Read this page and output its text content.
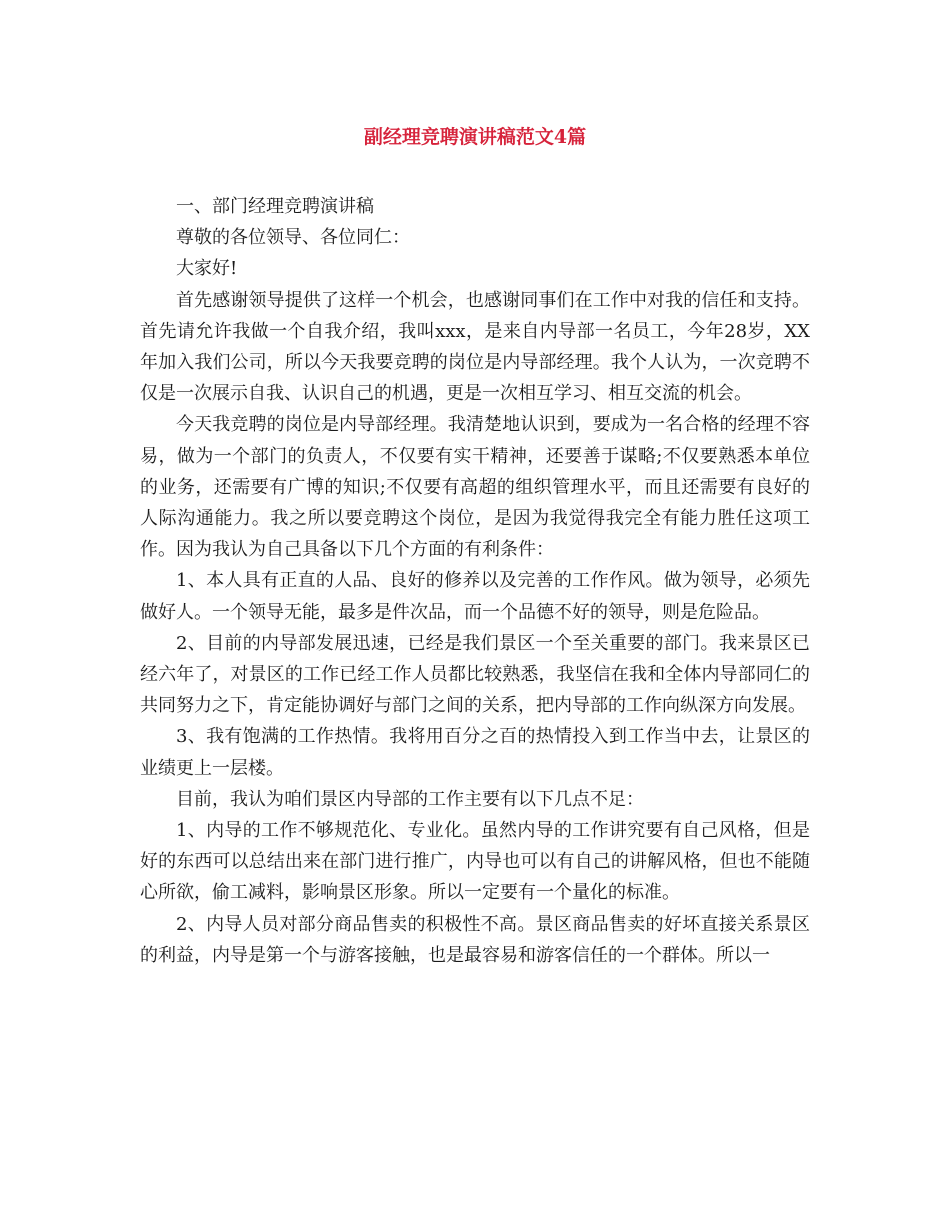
副经理竞聘演讲稿范文4篇

一、部门经理竞聘演讲稿

尊敬的各位领导、各位同仁：

大家好!

首先感谢领导提供了这样一个机会，也感谢同事们在工作中对我的信任和支持。首先请允许我做一个自我介绍，我叫xxx，是来自内导部一名员工，今年28岁，XX年加入我们公司，所以今天我要竞聘的岗位是内导部经理。我个人认为，一次竞聘不仅是一次展示自我、认识自己的机遇，更是一次相互学习、相互交流的机会。

今天我竞聘的岗位是内导部经理。我清楚地认识到，要成为一名合格的经理不容易，做为一个部门的负责人，不仅要有实干精神，还要善于谋略;不仅要熟悉本单位的业务，还需要有广博的知识;不仅要有高超的组织管理水平，而且还需要有良好的人际沟通能力。我之所以要竞聘这个岗位，是因为我觉得我完全有能力胜任这项工作。因为我认为自己具备以下几个方面的有利条件：

1、本人具有正直的人品、良好的修养以及完善的工作作风。做为领导，必须先做好人。一个领导无能，最多是件次品，而一个品德不好的领导，则是危险品。

2、目前的内导部发展迅速，已经是我们景区一个至关重要的部门。我来景区已经六年了，对景区的工作已经工作人员都比较熟悉，我坚信在我和全体内导部同仁的共同努力之下，肯定能协调好与部门之间的关系，把内导部的工作向纵深方向发展。

3、我有饱满的工作热情。我将用百分之百的热情投入到工作当中去，让景区的业绩更上一层楼。

目前，我认为咱们景区内导部的工作主要有以下几点不足：

1、内导的工作不够规范化、专业化。虽然内导的工作讲究要有自己风格，但是好的东西可以总结出来在部门进行推广，内导也可以有自己的讲解风格，但也不能随心所欲，偷工减料，影响景区形象。所以一定要有一个量化的标准。

2、内导人员对部分商品售卖的积极性不高。景区商品售卖的好坏直接关系景区的利益，内导是第一个与游客接触，也是最容易和游客信任的一个群体。所以一
